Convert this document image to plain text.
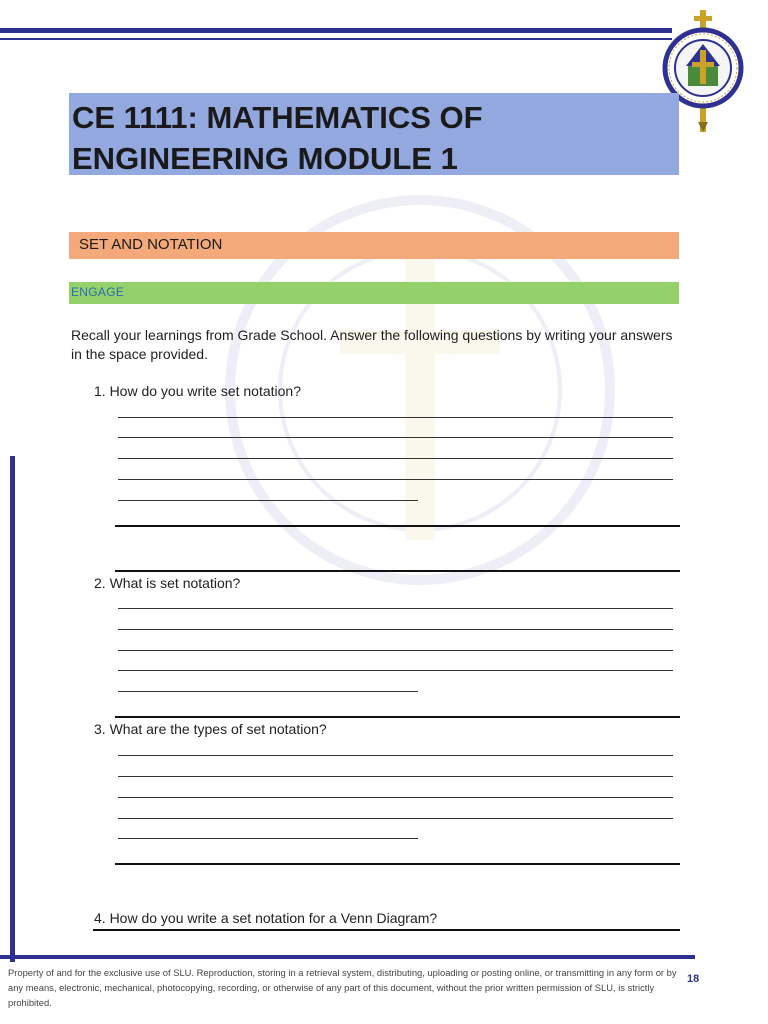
CE 1111: MATHEMATICS OF
ENGINEERING MODULE 1
SET AND NOTATION
ENGAGE
Recall your learnings from Grade School. Answer the following questions by writing your answers in the space provided.
1. How do you write set notation?
2. What is set notation?
3. What are the types of set notation?
4. How do you write a set notation for a Venn Diagram?
Property of and for the exclusive use of SLU. Reproduction, storing in a retrieval system, distributing, uploading or posting online, or transmitting in any form or by any means, electronic, mechanical, photocopying, recording, or otherwise of any part of this document, without the prior written permission of SLU, is strictly prohibited.
18
